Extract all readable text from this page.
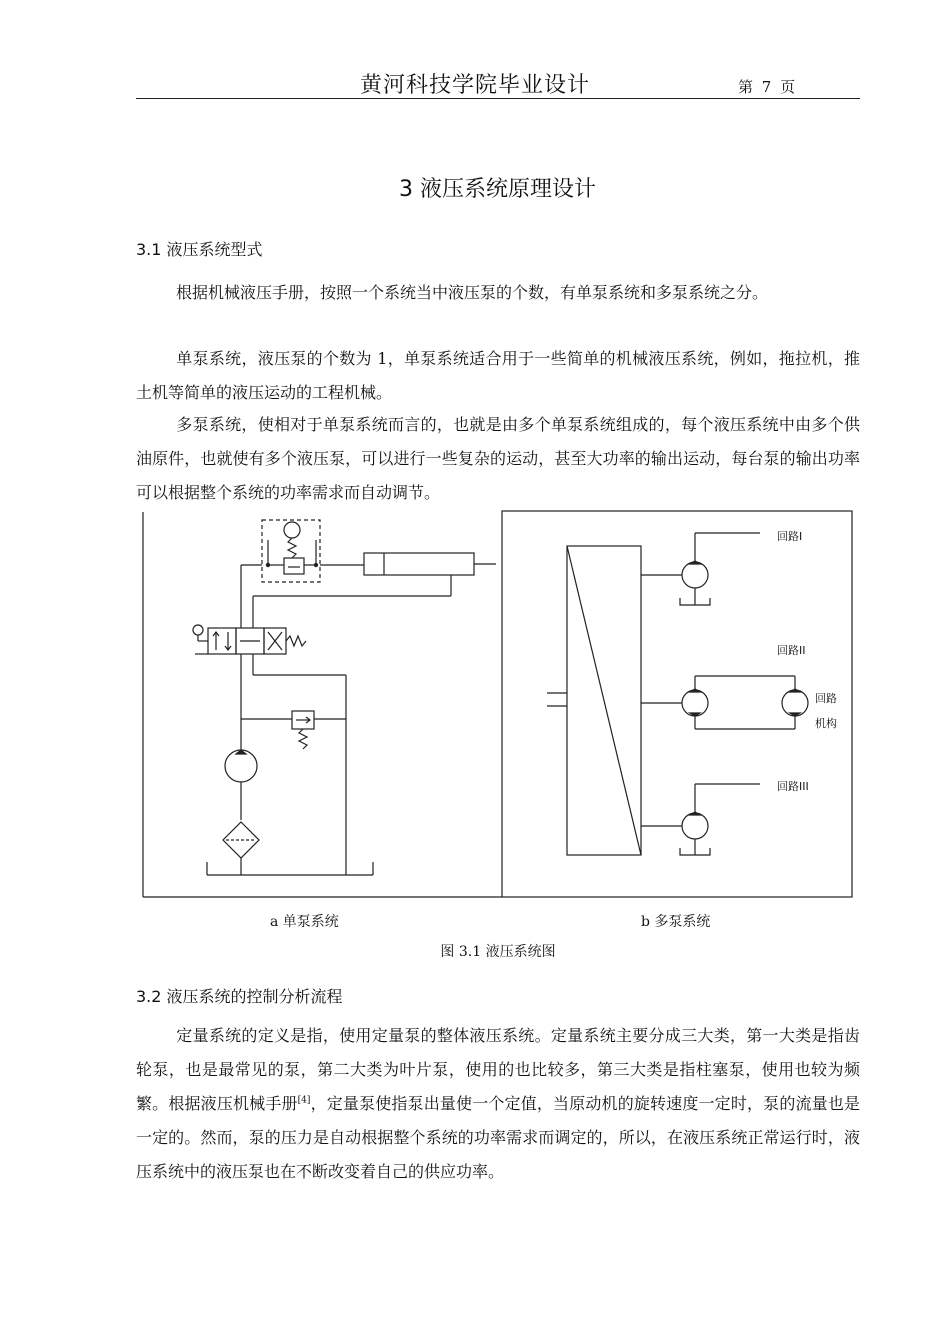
黄河科技学院毕业设计	第 7 页
3 液压系统原理设计
3.1 液压系统型式
根据机械液压手册，按照一个系统当中液压泵的个数，有单泵系统和多泵系统之分。
单泵系统，液压泵的个数为 1，单泵系统适合用于一些简单的机械液压系统，例如，拖拉机，推土机等简单的液压运动的工程机械。
多泵系统，使相对于单泵系统而言的，也就是由多个单泵系统组成的，每个液压系统中由多个供油原件，也就使有多个液压泵，可以进行一些复杂的运动，甚至大功率的输出运动，每台泵的输出功率可以根据整个系统的功率需求而自动调节。
回路Ⅰ
回路ⅠⅠ
回路
机构
回路ⅠⅠⅠ
a 单泵系统	b 多泵系统
图 3.1 液压系统图
3.2 液压系统的控制分析流程
定量系统的定义是指，使用定量泵的整体液压系统。定量系统主要分成三大类，第一大类是指齿轮泵，也是最常见的泵，第二大类为叶片泵，使用的也比较多，第三大类是指柱塞泵，使用也较为频繁。根据液压机械手册[4]，定量泵使指泵出量使一个定值，当原动机的旋转速度一定时，泵的流量也是一定的。然而，泵的压力是自动根据整个系统的功率需求而调定的，所以，在液压系统正常运行时，液压系统中的液压泵也在不断改变着自己的供应功率。
